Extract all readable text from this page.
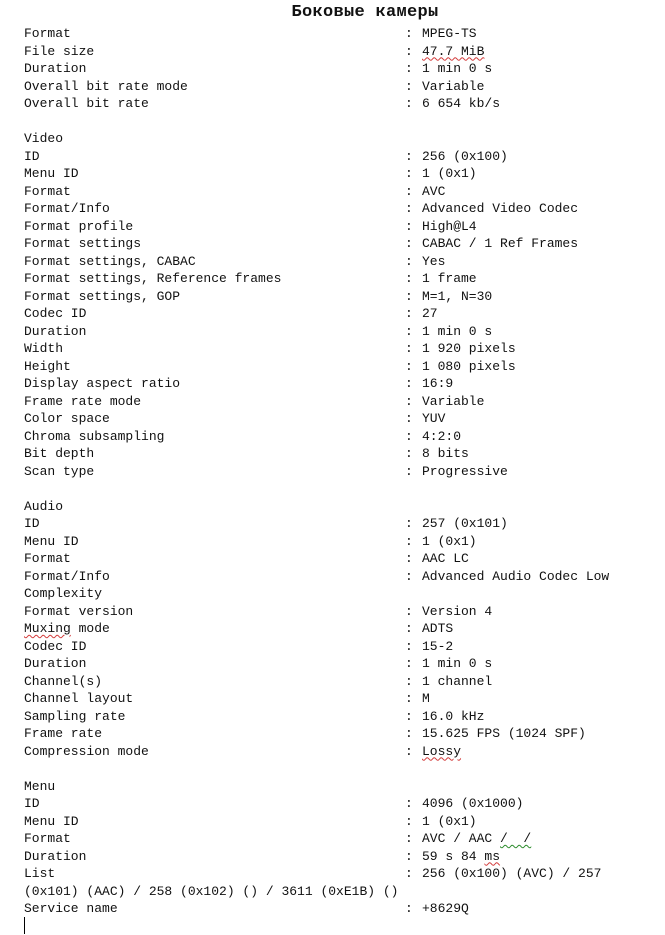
Боковые камеры
Format	: MPEG-TS
File size	: 47.7 MiB
Duration	: 1 min 0 s
Overall bit rate mode	: Variable
Overall bit rate	: 6 654 kb/s
Video
ID	: 256 (0x100)
Menu ID	: 1 (0x1)
Format	: AVC
Format/Info	: Advanced Video Codec
Format profile	: High@L4
Format settings	: CABAC / 1 Ref Frames
Format settings, CABAC	: Yes
Format settings, Reference frames	: 1 frame
Format settings, GOP	: M=1, N=30
Codec ID	: 27
Duration	: 1 min 0 s
Width	: 1 920 pixels
Height	: 1 080 pixels
Display aspect ratio	: 16:9
Frame rate mode	: Variable
Color space	: YUV
Chroma subsampling	: 4:2:0
Bit depth	: 8 bits
Scan type	: Progressive
Audio
ID	: 257 (0x101)
Menu ID	: 1 (0x1)
Format	: AAC LC
Format/Info	: Advanced Audio Codec Low
Complexity
Format version	: Version 4
Muxing mode	: ADTS
Codec ID	: 15-2
Duration	: 1 min 0 s
Channel(s)	: 1 channel
Channel layout	: M
Sampling rate	: 16.0 kHz
Frame rate	: 15.625 FPS (1024 SPF)
Compression mode	: Lossy
Menu
ID	: 4096 (0x1000)
Menu ID	: 1 (0x1)
Format	: AVC / AAC /  /
Duration	: 59 s 84 ms
List	: 256 (0x100) (AVC) / 257
(0x101) (AAC) / 258 (0x102) () / 3611 (0xE1B) ()
Service name	: +8629Q
